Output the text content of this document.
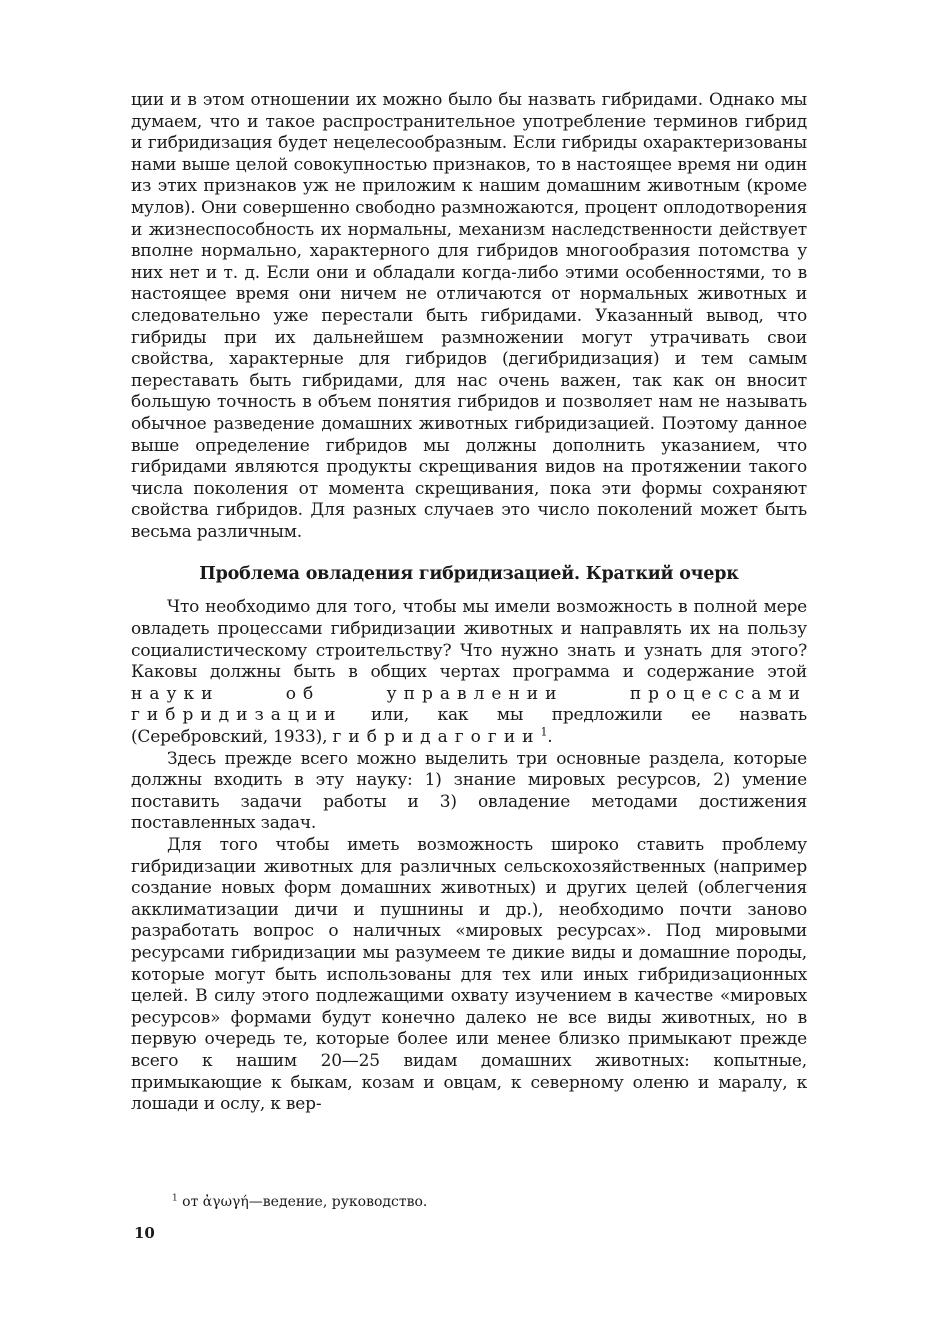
ции и в этом отношении их можно было бы назвать гибридами. Однако мы думаем, что и такое распространительное употребление терминов гибрид и гибридизация будет нецелесообразным. Если гибриды охарактеризованы нами выше целой совокупностью признаков, то в настоящее время ни один из этих признаков уж не приложим к нашим домашним животным (кроме мулов). Они совершенно свободно размножаются, процент оплодотворения и жизнеспособность их нормальны, механизм наследственности действует вполне нормально, характерного для гибридов многообразия потомства у них нет и т. д. Если они и обладали когда-либо этими особенностями, то в настоящее время они ничем не отличаются от нормальных животных и следовательно уже перестали быть гибридами. Указанный вывод, что гибриды при их дальнейшем размножении могут утрачивать свои свойства, характерные для гибридов (дегибридизация) и тем самым переставать быть гибридами, для нас очень важен, так как он вносит большую точность в объем понятия гибридов и позволяет нам не называть обычное разведение домашних животных гибридизацией. Поэтому данное выше определение гибридов мы должны дополнить указанием, что гибридами являются продукты скрещивания видов на протяжении такого числа поколения от момента скрещивания, пока эти формы сохраняют свойства гибридов. Для разных случаев это число поколений может быть весьма различным.

Проблема овладения гибридизацией. Краткий очерк

Что необходимо для того, чтобы мы имели возможность в полной мере овладеть процессами гибридизации животных и направлять их на пользу социалистическому строительству? Что нужно знать и узнать для этого? Каковы должны быть в общих чертах программа и содержание этой науки об управлении процессами гибридизации или, как мы предложили ее назвать (Серебровский, 1933), гибридагогии$^1$.

Здесь прежде всего можно выделить три основные раздела, которые должны входить в эту науку: 1) знание мировых ресурсов, 2) умение поставить задачи работы и 3) овладение методами достижения поставленных задач.

Для того чтобы иметь возможность широко ставить проблему гибридизации животных для различных сельскохозяйственных (например создание новых форм домашних животных) и других целей (облегчения акклиматизации дичи и пушнины и др.), необходимо почти заново разработать вопрос о наличных «мировых ресурсах». Под мировыми ресурсами гибридизации мы разумеем те дикие виды и домашние породы, которые могут быть использованы для тех или иных гибридизационных целей. В силу этого подлежащими охвату изучением в качестве «мировых ресурсов» формами будут конечно далеко не все виды животных, но в первую очередь те, которые более или менее близко примыкают прежде всего к нашим 20—25 видам домашних животных: копытные, примыкающие к быкам, козам и овцам, к северному оленю и маралу, к лошади и ослу, к вер-

$^1$ от ἀγωγή—ведение, руководство.
10
